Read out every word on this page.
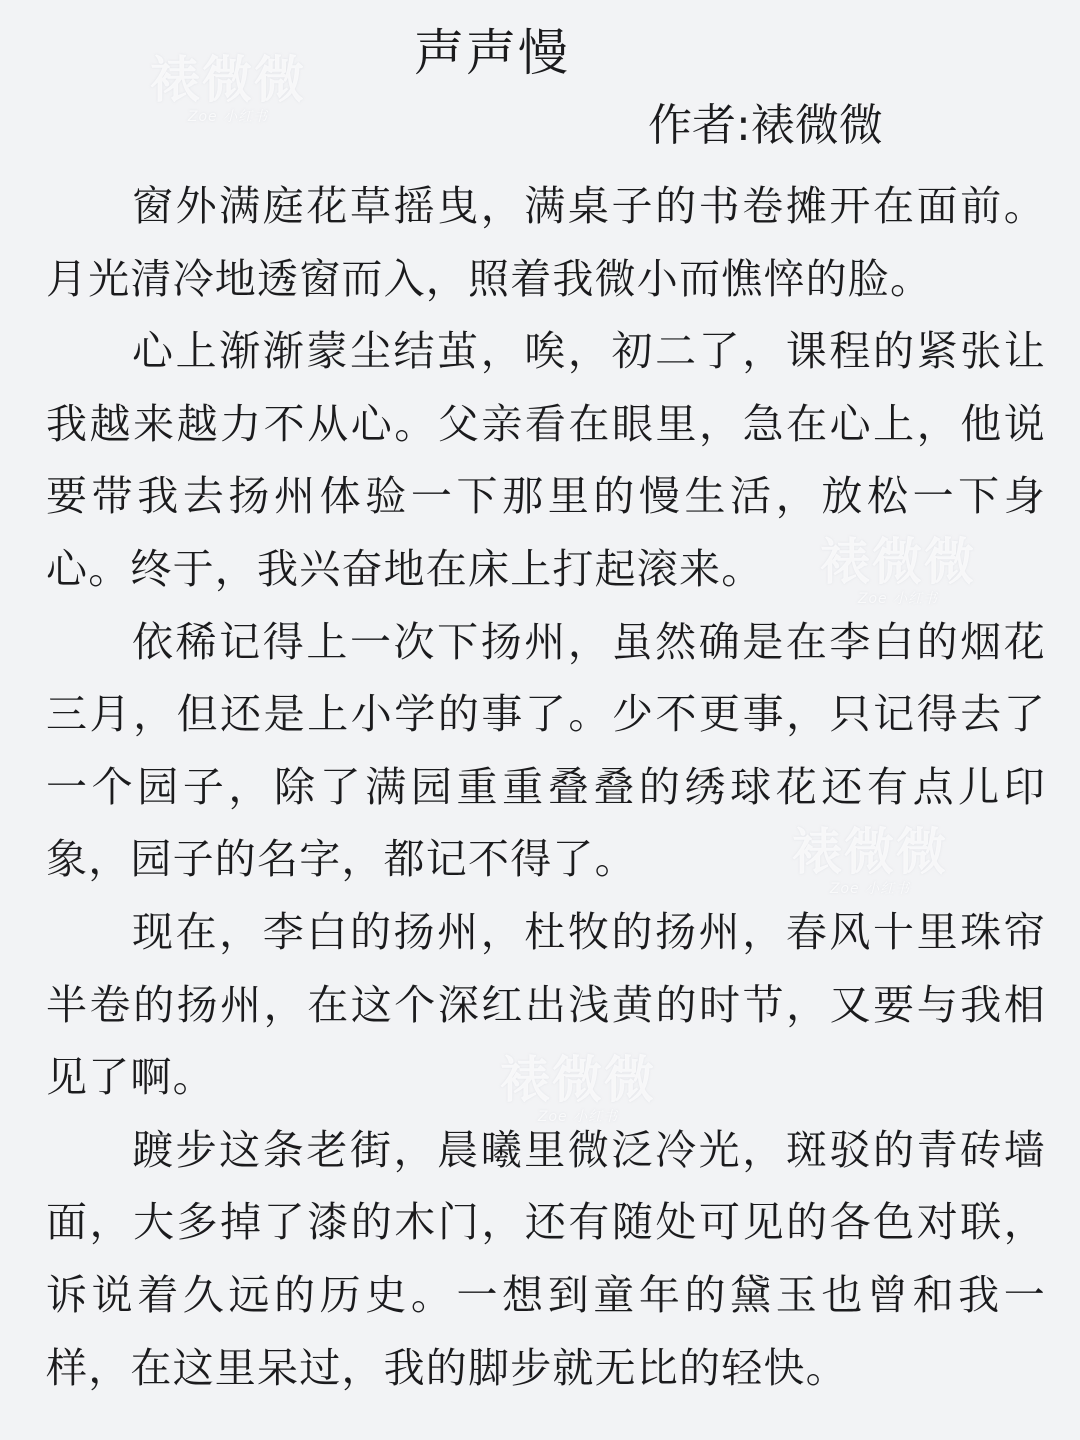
裱微微
Zoe 小红书
裱微微
Zoe 小红书
裱微微
Zoe 小红书
裱微微
Zoe 小红书
声声慢
作者:裱微微

窗外满庭花草摇曳，满桌子的书卷摊开在面前。月光清冷地透窗而入，照着我微小而憔悴的脸。

心上渐渐蒙尘结茧，唉，初二了，课程的紧张让我越来越力不从心。父亲看在眼里，急在心上，他说要带我去扬州体验一下那里的慢生活，放松一下身心。终于，我兴奋地在床上打起滚来。

依稀记得上一次下扬州，虽然确是在李白的烟花三月，但还是上小学的事了。少不更事，只记得去了一个园子，除了满园重重叠叠的绣球花还有点儿印象，园子的名字，都记不得了。

现在，李白的扬州，杜牧的扬州，春风十里珠帘半卷的扬州，在这个深红出浅黄的时节，又要与我相见了啊。

踱步这条老街，晨曦里微泛冷光，斑驳的青砖墙面，大多掉了漆的木门，还有随处可见的各色对联，诉说着久远的历史。一想到童年的黛玉也曾和我一样，在这里呆过，我的脚步就无比的轻快。
